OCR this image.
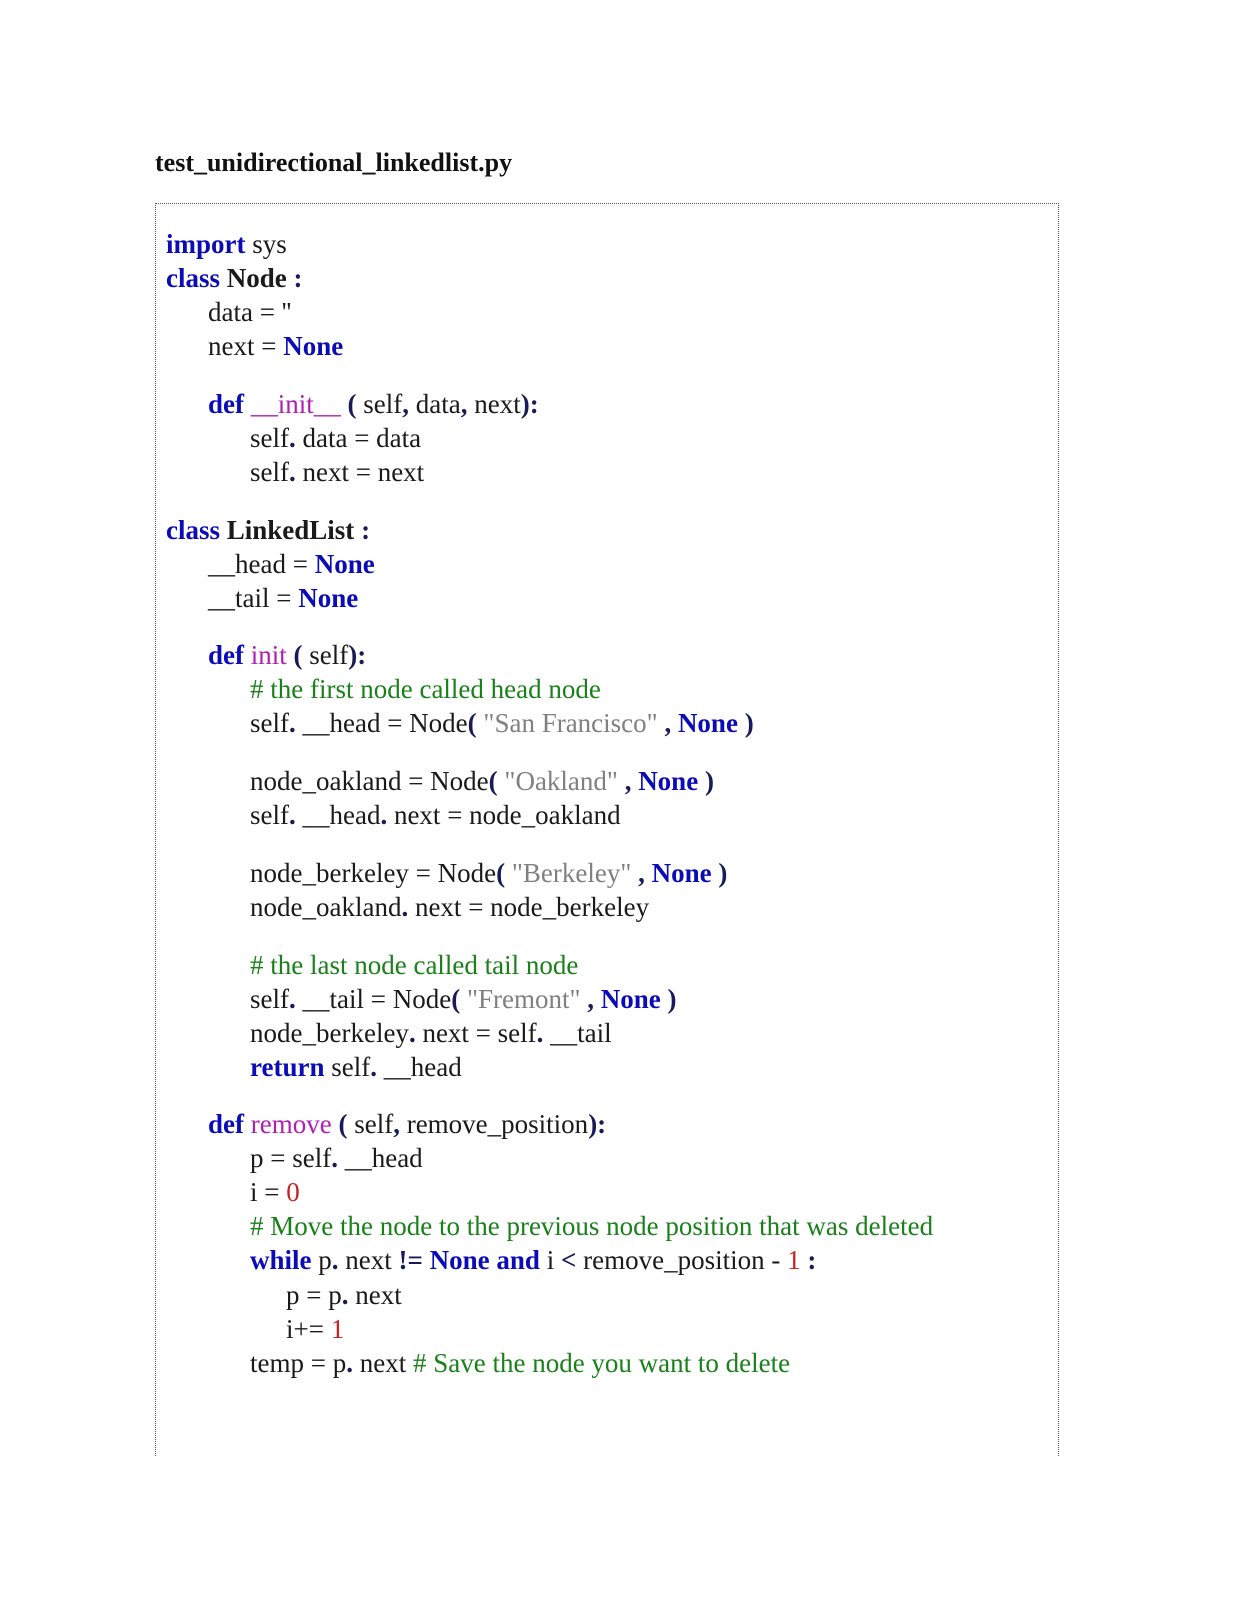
test_unidirectional_linkedlist.py
import sys
class Node :
data = ''
next = None
def __init__ ( self, data, next):
self. data = data
self. next = next
class LinkedList :
__head = None
__tail = None
def init ( self):
# the first node called head node
self. __head = Node( "San Francisco" , None )
node_oakland = Node( "Oakland" , None )
self. __head. next = node_oakland
node_berkeley = Node( "Berkeley" , None )
node_oakland. next = node_berkeley
# the last node called tail node
self. __tail = Node( "Fremont" , None )
node_berkeley. next = self. __tail
return self. __head
def remove ( self, remove_position):
p = self. __head
i = 0
# Move the node to the previous node position that was deleted
while p. next != None and i < remove_position - 1 :
p = p. next
i+= 1
temp = p. next # Save the node you want to delete
